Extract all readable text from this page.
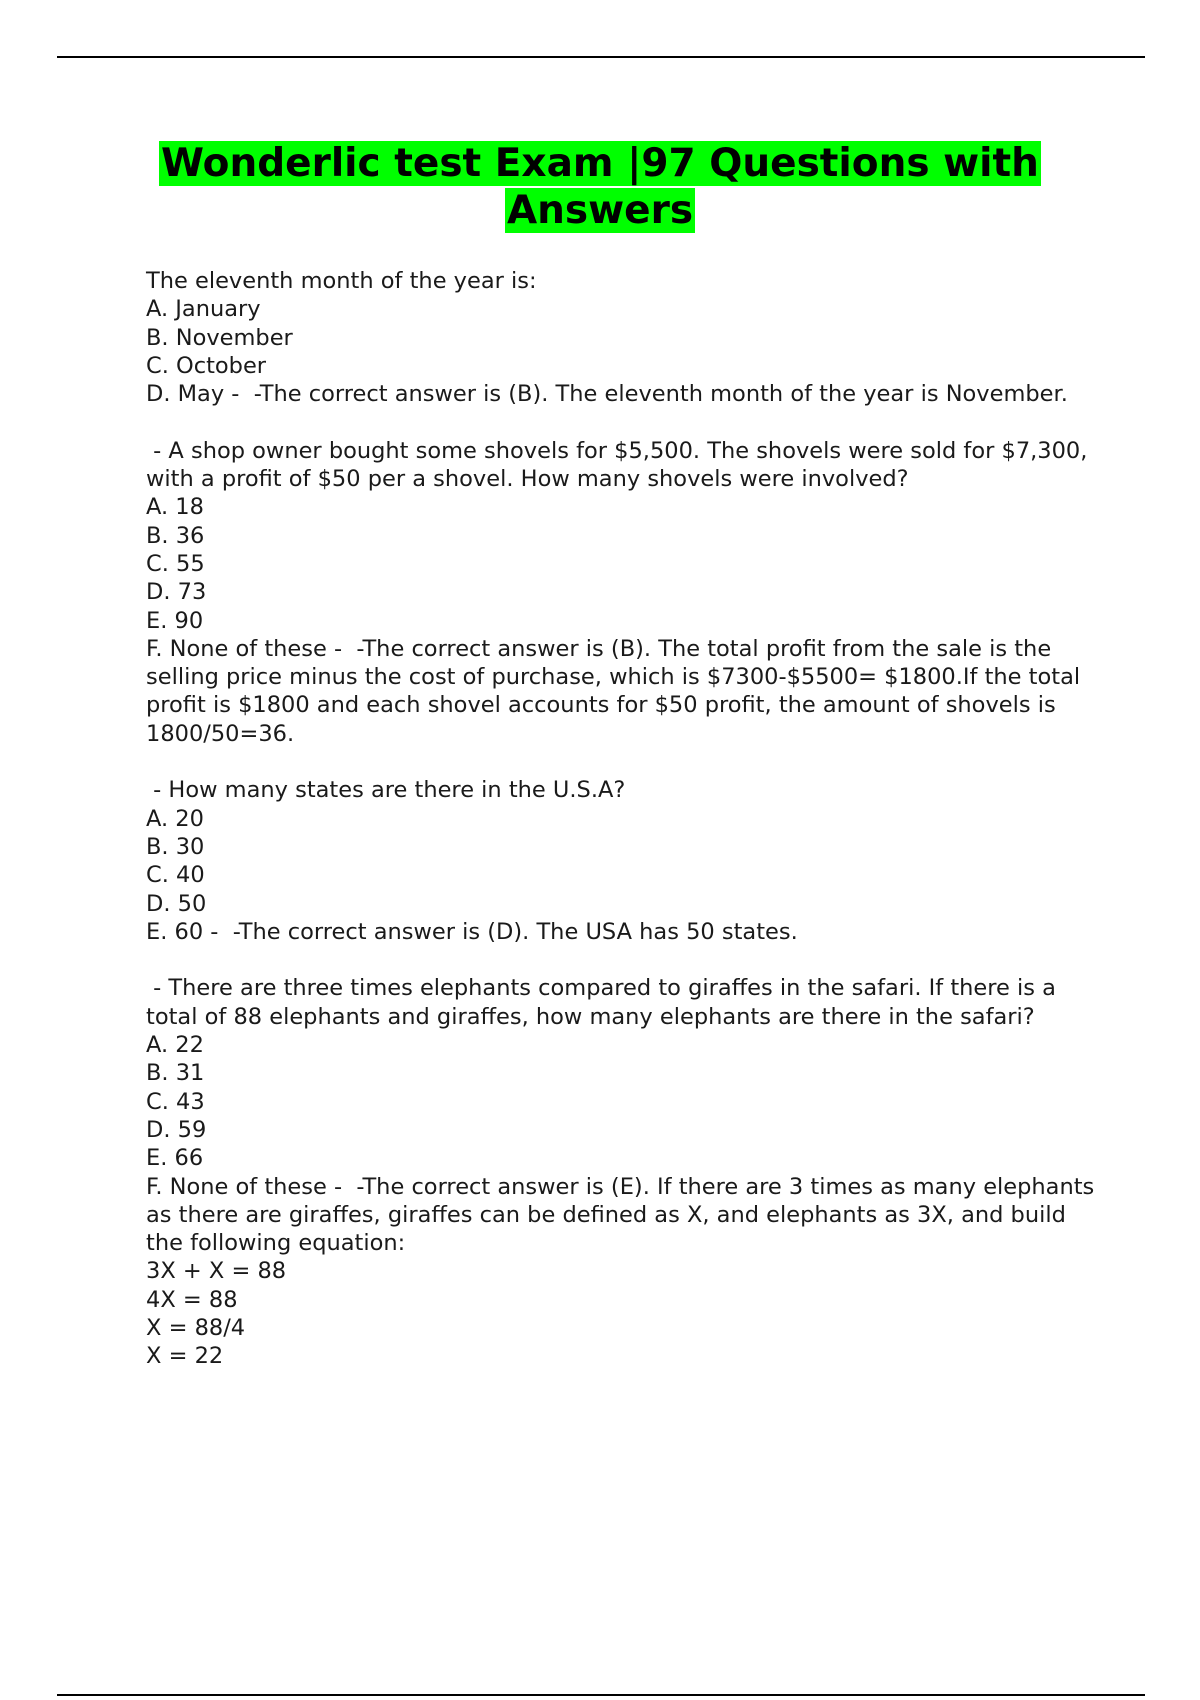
Wonderlic test Exam |97 Questions with
Answers

The eleventh month of the year is:

A. January

B. November

C. October

D. May -  -The correct answer is (B). The eleventh month of the year is November.

- A shop owner bought some shovels for $5,500. The shovels were sold for $7,300, with a profit of $50 per a shovel. How many shovels were involved?

A. 18

B. 36

C. 55

D. 73

E. 90

F. None of these -  -The correct answer is (B). The total profit from the sale is the selling price minus the cost of purchase, which is $7300-$5500= $1800.If the total profit is $1800 and each shovel accounts for $50 profit, the amount of shovels is 1800/50=36.

- How many states are there in the U.S.A?

A. 20

B. 30

C. 40

D. 50

E. 60 -  -The correct answer is (D). The USA has 50 states.

- There are three times elephants compared to giraffes in the safari. If there is a total of 88 elephants and giraffes, how many elephants are there in the safari?

A. 22

B. 31

C. 43

D. 59

E. 66

F. None of these -  -The correct answer is (E). If there are 3 times as many elephants as there are giraffes, giraffes can be defined as X, and elephants as 3X, and build the following equation:

3X + X = 88

4X = 88

X = 88/4

X = 22
